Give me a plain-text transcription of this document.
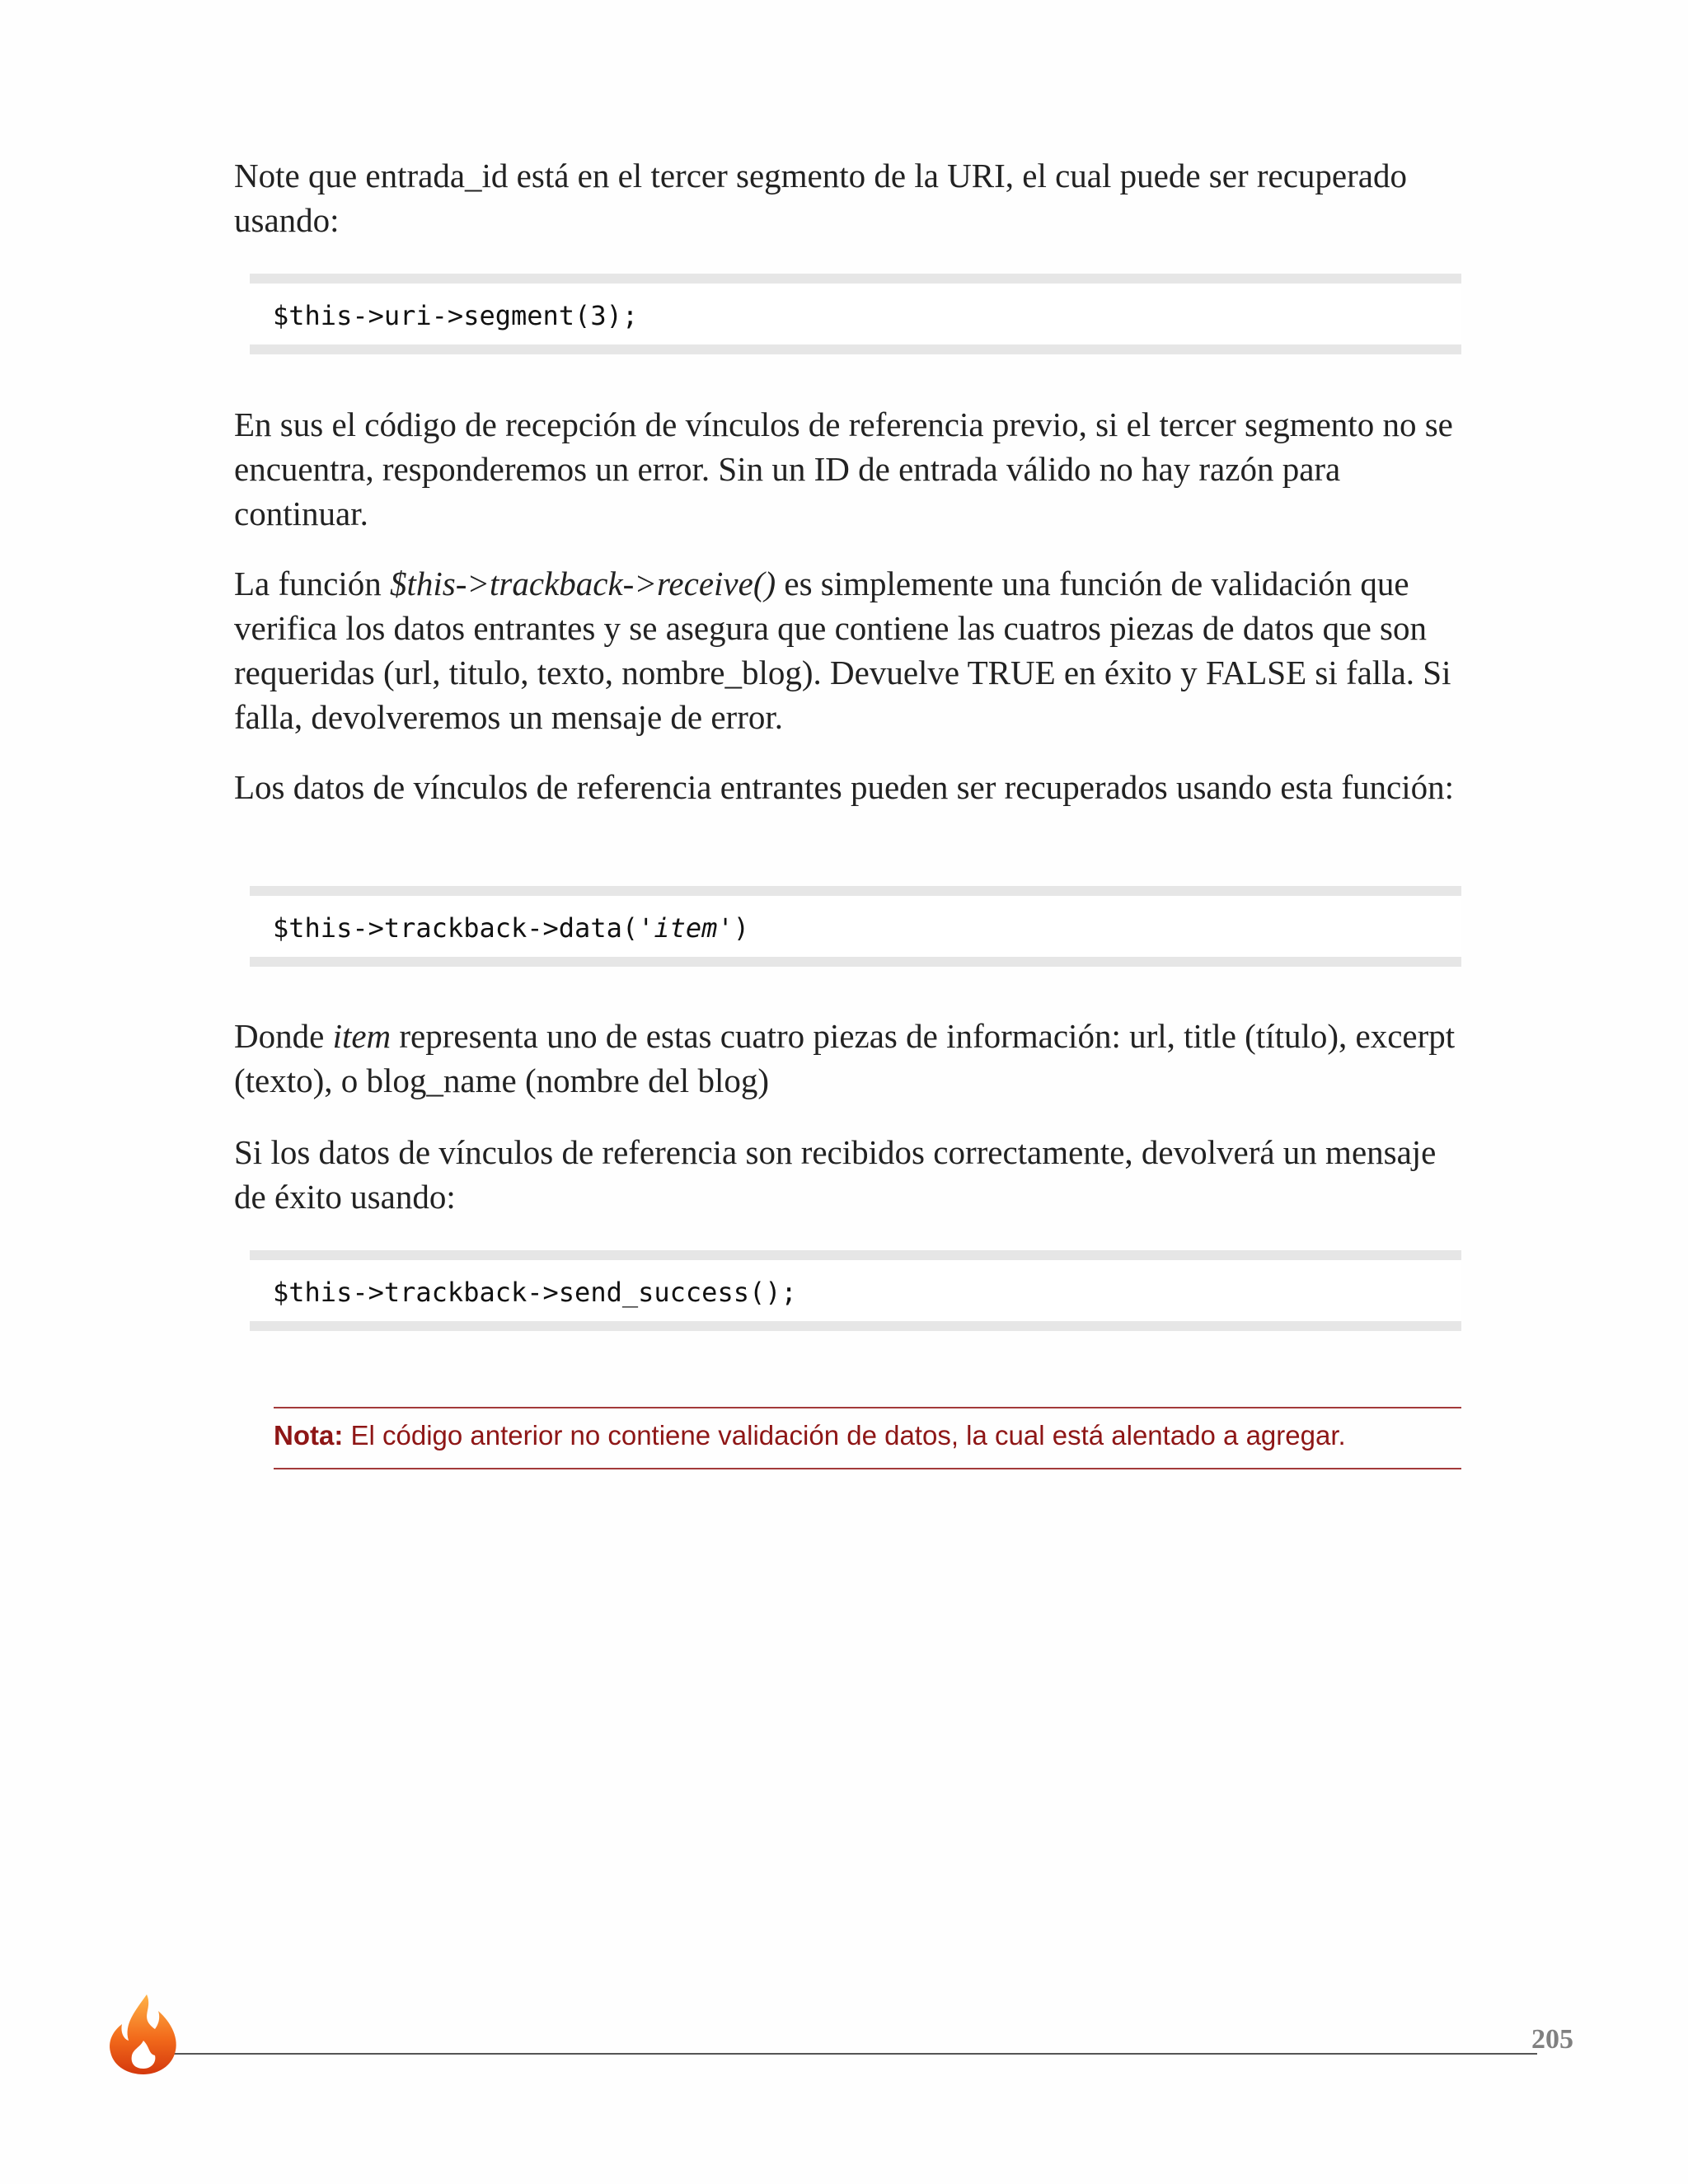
Note que entrada_id está en el tercer segmento de la URI, el cual puede ser recuperado usando:

$this->uri->segment(3);

En sus el código de recepción de vínculos de referencia previo, si el tercer segmento no se encuentra, responderemos un error. Sin un ID de entrada válido no hay razón para continuar.

La función $this->trackback->receive() es simplemente una función de validación que verifica los datos entrantes y se asegura que contiene las cuatros piezas de datos que son requeridas (url, titulo, texto, nombre_blog). Devuelve TRUE en éxito y FALSE si falla. Si falla, devolveremos un mensaje de error.

Los datos de vínculos de referencia entrantes pueden ser recuperados usando esta función:

$this->trackback->data('item')

Donde item representa uno de estas cuatro piezas de información: url, title (título), excerpt (texto), o blog_name (nombre del blog)

Si los datos de vínculos de referencia son recibidos correctamente, devolverá un mensaje de éxito usando:

$this->trackback->send_success();
Nota: El código anterior no contiene validación de datos, la cual está alentado a agregar.
205
